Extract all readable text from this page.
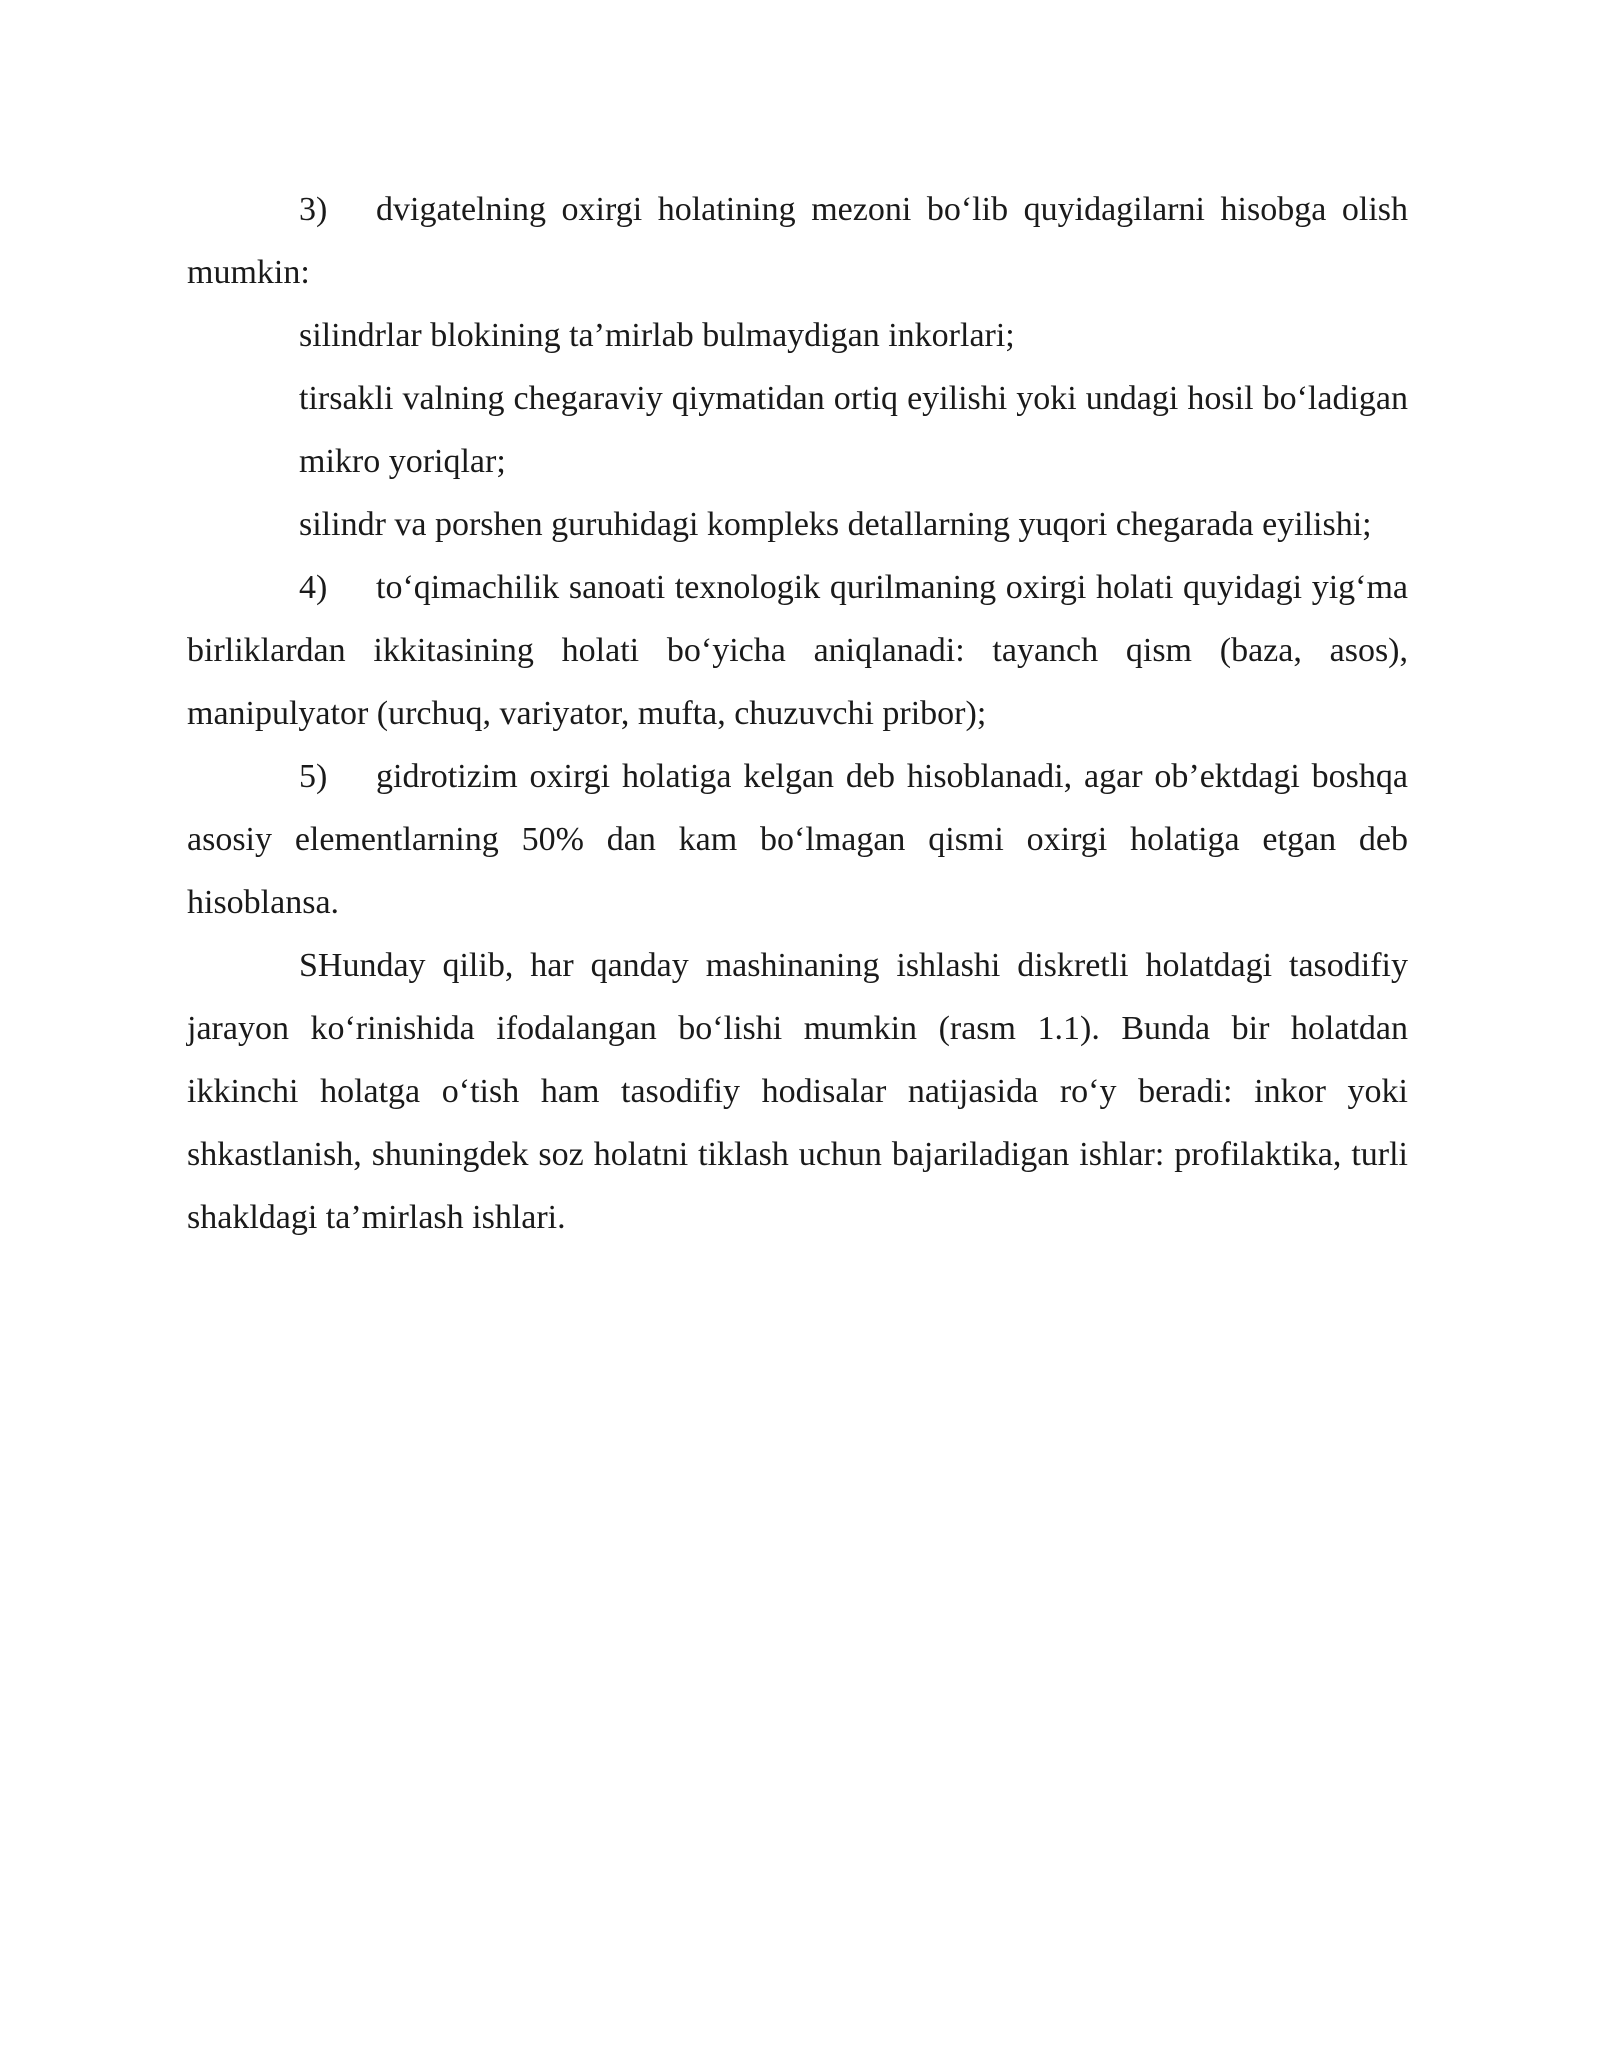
3) dvigatelning oxirgi holatining mezoni bo‘lib quyidagilarni hisobga olish mumkin:

silindrlar blokining ta’mirlab bulmaydigan inkorlari;

tirsakli valning chegaraviy qiymatidan ortiq eyilishi yoki undagi hosil bo‘ladigan mikro yoriqlar;

silindr va porshen guruhidagi kompleks detallarning yuqori chegarada eyilishi;

4) to‘qimachilik sanoati texnologik qurilmaning oxirgi holati quyidagi yig‘ma birliklardan ikkitasining holati bo‘yicha aniqlanadi: tayanch qism (baza, asos), manipulyator (urchuq, variyator, mufta, chuzuvchi pribor);

5) gidrotizim oxirgi holatiga kelgan deb hisoblanadi, agar ob’ektdagi boshqa asosiy elementlarning 50% dan kam bo‘lmagan qismi oxirgi holatiga etgan deb hisoblansa.

SHunday qilib, har qanday mashinaning ishlashi diskretli holatdagi tasodifiy jarayon ko‘rinishida ifodalangan bo‘lishi mumkin (rasm 1.1). Bunda bir holatdan ikkinchi holatga o‘tish ham tasodifiy hodisalar natijasida ro‘y beradi: inkor yoki shkastlanish, shuningdek soz holatni tiklash uchun bajariladigan ishlar: profilaktika, turli shakldagi ta’mirlash ishlari.
